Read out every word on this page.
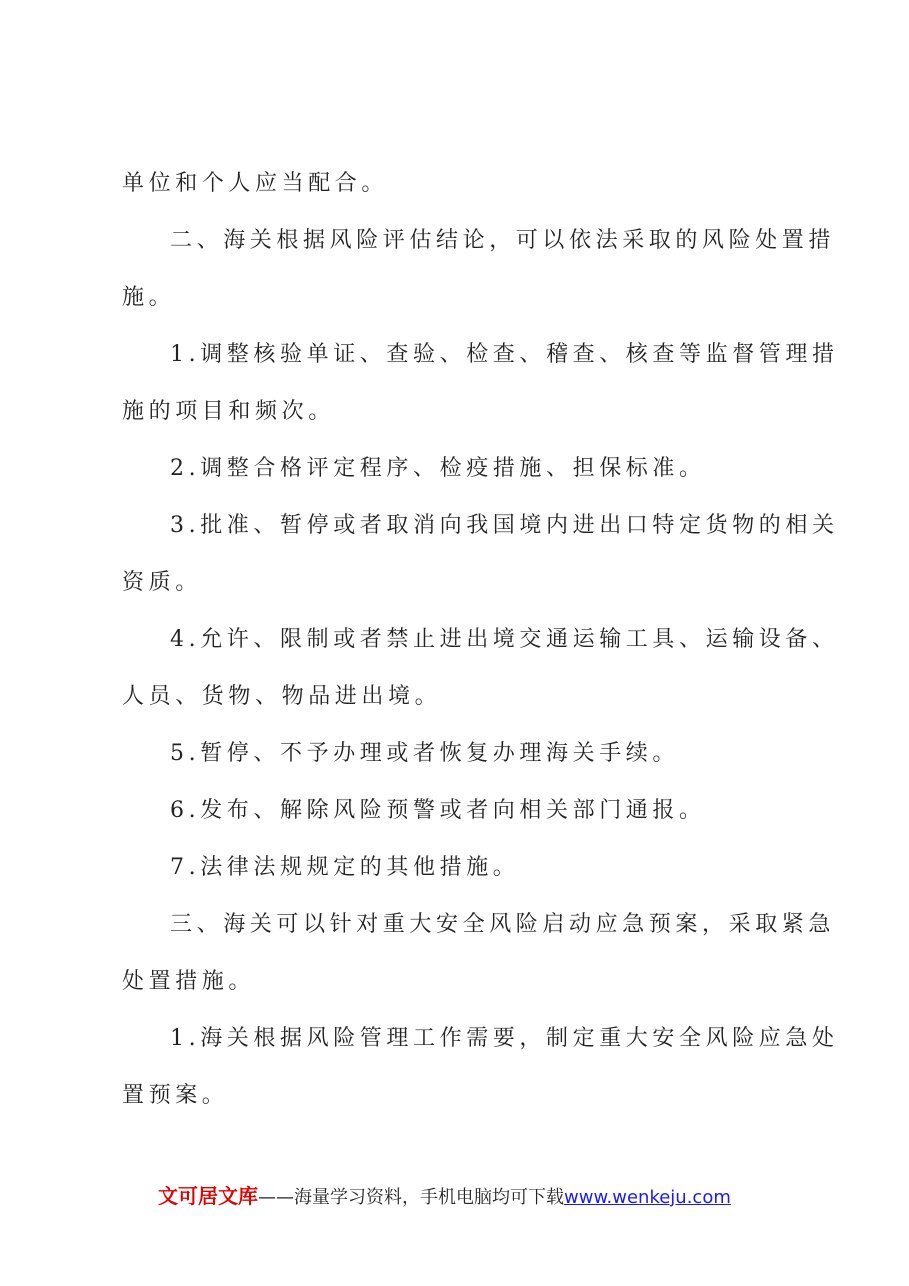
单位和个人应当配合。
二、海关根据风险评估结论，可以依法采取的风险处置措
施。
1.调整核验单证、查验、检查、稽查、核查等监督管理措
施的项目和频次。
2.调整合格评定程序、检疫措施、担保标准。
3.批准、暂停或者取消向我国境内进出口特定货物的相关
资质。
4.允许、限制或者禁止进出境交通运输工具、运输设备、
人员、货物、物品进出境。
5.暂停、不予办理或者恢复办理海关手续。
6.发布、解除风险预警或者向相关部门通报。
7.法律法规规定的其他措施。
三、海关可以针对重大安全风险启动应急预案，采取紧急
处置措施。
1.海关根据风险管理工作需要，制定重大安全风险应急处
置预案。
文可居文库——海量学习资料，手机电脑均可下载www.wenkeju.com
